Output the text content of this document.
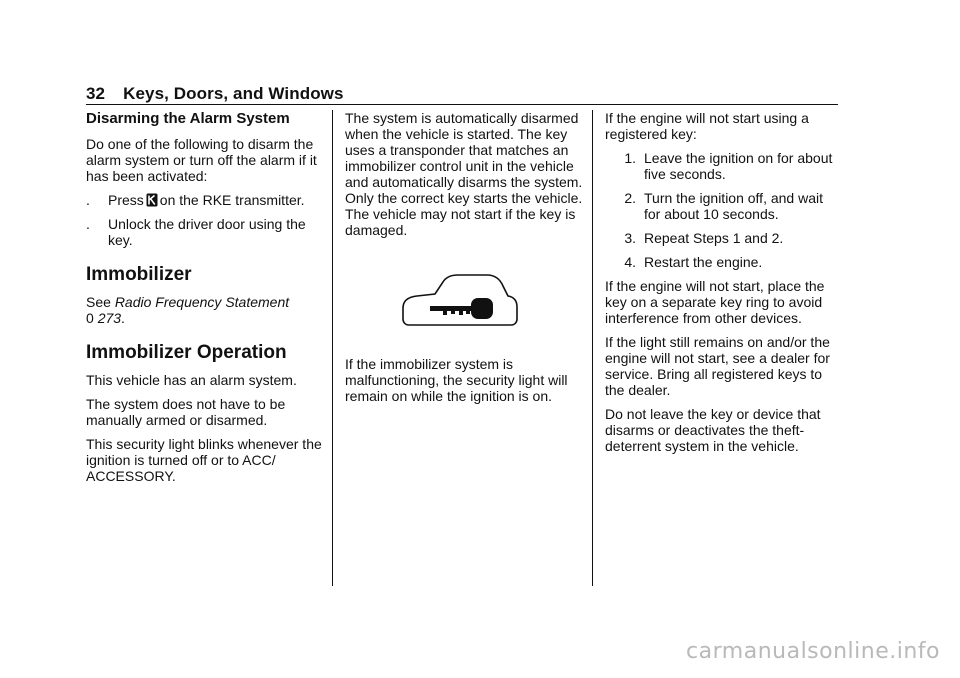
32 Keys, Doors, and Windows
Disarming the Alarm System

Do one of the following to disarm the alarm system or turn off the alarm if it has been activated:

.	Press on the RKE transmitter.
.	Unlock the driver door using the key.
Immobilizer

See Radio Frequency Statement
0 273.

Immobilizer Operation

This vehicle has an alarm system.

The system does not have to be manually armed or disarmed.

This security light blinks whenever the ignition is turned off or to ACC/ ACCESSORY.

The system is automatically disarmed when the vehicle is started. The key uses a transponder that matches an immobilizer control unit in the vehicle and automatically disarms the system. Only the correct key starts the vehicle. The vehicle may not start if the key is damaged.

If the immobilizer system is malfunctioning, the security light will remain on while the ignition is on.

If the engine will not start using a registered key:

1. Leave the ignition on for about five seconds.
2. Turn the ignition off, and wait for about 10 seconds.
3. Repeat Steps 1 and 2.
4. Restart the engine.

If the engine will not start, place the key on a separate key ring to avoid interference from other devices.

If the light still remains on and/or the engine will not start, see a dealer for service. Bring all registered keys to the dealer.

Do not leave the key or device that disarms or deactivates the theft-deterrent system in the vehicle.

carmanualsonline.info
